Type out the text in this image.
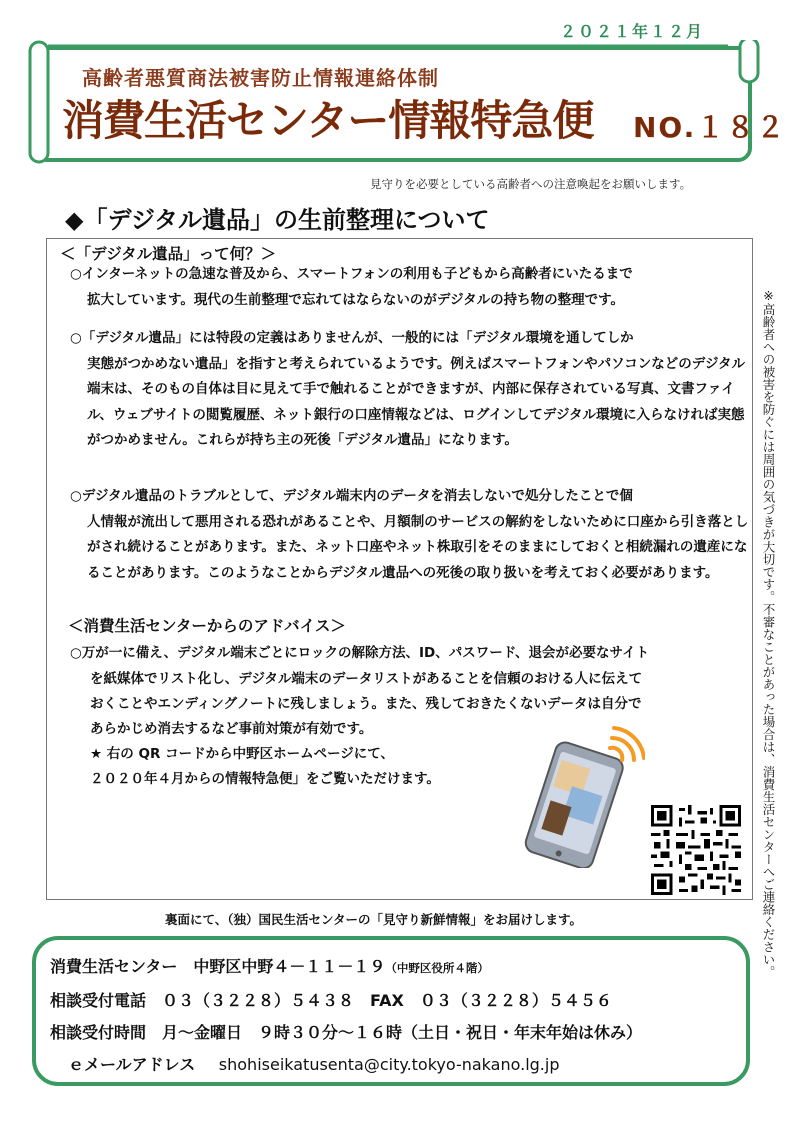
２０２１年１２月
高齢者悪質商法被害防止情報連絡体制
消費生活センター情報特急便 NO.１８２
見守りを必要としている高齢者への注意喚起をお願いします。
◆「デジタル遺品」の生前整理について
＜「デジタル遺品」って何？＞
○インターネットの急速な普及から、スマートフォンの利用も子どもから高齢者にいたるまで
拡大しています。現代の生前整理で忘れてはならないのがデジタルの持ち物の整理です。
○「デジタル遺品」には特段の定義はありませんが、一般的には「デジタル環境を通してしか
実態がつかめない遺品」を指すと考えられているようです。例えばスマートフォンやパソコンなどのデジタル端末は、そのもの自体は目に見えて手で触れることができますが、内部に保存されている写真、文書ファイル、ウェブサイトの閲覧履歴、ネット銀行の口座情報などは、ログインしてデジタル環境に入らなければ実態がつかめません。これらが持ち主の死後「デジタル遺品」になります。
○デジタル遺品のトラブルとして、デジタル端末内のデータを消去しないで処分したことで個
人情報が流出して悪用される恐れがあることや、月額制のサービスの解約をしないために口座から引き落としがされ続けることがあります。また、ネット口座やネット株取引をそのままにしておくと相続漏れの遺産になることがあります。このようなことからデジタル遺品への死後の取り扱いを考えておく必要があります。
＜消費生活センターからのアドバイス＞
○万が一に備え、デジタル端末ごとにロックの解除方法、ID、パスワード、退会が必要なサイト
を紙媒体でリスト化し、デジタル端末のデータリストがあることを信頼のおける人に伝えて
おくことやエンディングノートに残しましょう。また、残しておきたくないデータは自分で
あらかじめ消去するなど事前対策が有効です。
★ 右の QR コードから中野区ホームページにて、
２０２０年４月からの情報特急便」をご覧いただけます。	※高齢者への被害を防ぐには周囲の気づきが大切です。不審なことがあった場合は、消費生活センターへご連絡ください。
裏面にて、（独）国民生活センターの「見守り新鮮情報」をお届けします。
消費生活センター　中野区中野４－１１－１９（中野区役所４階）
相談受付電話　０３（３２２８）５４３８　FAX　０３（３２２８）５４５６
相談受付時間　月～金曜日　９時３０分～１６時（土日・祝日・年末年始は休み）
ｅメールアドレス shohiseikatusenta@city.tokyo-nakano.lg.jp
